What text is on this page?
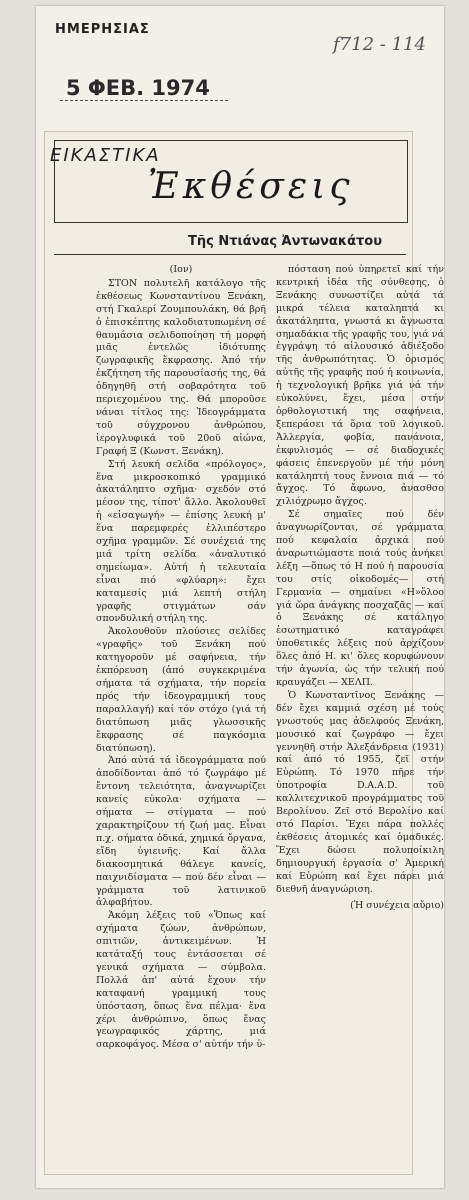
ΗΜΕΡΗΣΙΑΣ
5 ΦΕΒ. 1974
f712 - 114
ΕΙΚΑΣΤΙΚΑ
Ἐκθέσεις
Τῆς Ντιάνας Ἀντωνακάτου

(Ιον)

ΣΤΟΝ πολυτελῆ κατάλογο τῆς ἐκθέσεως Κωνσταντίνου Ξενάκη, στή Γκαλερί Ζουμπουλάκη, θά βρῆ ὁ ἐπισκέπτης καλοδιατυπωμένη σέ θαυμάσια σελιδοποίηση τή μορφή μιᾶς ἐντελῶς ἰδιότυπης ζωγραφικῆς ἔκφρασης. Ἀπό τήν ἐκζήτηση τῆς παρουσίασής της, θά ὁδηγηθῆ στή σοβαρότητα τοῦ περιεχομένου της. Θά μποροῦσε νάναι τίτλος της: Ἰδεογράμματα τοῦ σύγχρονου ἀνθρώπου, ἱερογλυφικά τοῦ 20οῦ αἰώνα, Γραφή Ξ (Κωνστ. Ξενάκη).

Στή λευκή σελίδα «πρόλογος», ἕνα μικροσκοπικό γραμμικό ἀκατάληπτο σχῆμα· σχεδόν στό μέσον της, τίποτ' ἄλλο. Ἀκολουθεῖ ἡ «εἰσαγωγή» — ἐπίσης λευκή μ' ἕνα παρεμφερές ἐλλιπέστερο σχῆμα γραμμῶν. Σέ συνέχειά της μιά τρίτη σελίδα «ἀναλυτικό σημείωμα». Αὐτή ἡ τελευταία εἶναι πιό «φλύαρη»: ἔχει καταμεσίς μιά λεπτή στήλη γραφῆς στιγμάτων σάν σπονδυλική στήλη της.

Ἀκολουθοῦν πλούσιες σελίδες «γραφῆς» τοῦ Ξενάκη πού κατηγοροῦν μέ σαφήνεια, τήν ἐκπόρευση (ἀπό συγκεκριμένα σήματα τά σχήματα, τήν πορεία πρός τήν ἰδεογραμμική τους παραλλαγή) καί τόν στόχο (γιά τή διατύπωση μιᾶς γλωσσικῆς ἔκφρασης σέ παγκόσμια διατύπωση).

Ἀπό αὐτά τά ἰδεογράμματα πού ἀποδίδονται ἀπό τό ζωγράφο μέ ἔντονη τελειότητα, ἀναγνωρίζει κανείς εὐκολα· σχήματα — σήματα — στίγματα — πού χαρακτηρίζουν τή ζωή μας. Εἶναι π.χ. σήματα ὁδικά, χημικά ὄργανα, εἴδη ὑγιεινῆς. Καί ἄλλα διακοσμητικά θάλεγε κανείς, παιχνιδίσματα — πού δέν εἶναι — γράμματα τοῦ λατινικοῦ ἀλφαβήτου.

Ἀκόμη λέξεις τοῦ «Ὅπως καί σχήματα ζώων, ἀνθρώπων, σπιτιῶν, ἀντικειμένων. Ἡ κατάταξή τους ἐντάσσεται σέ γενικά σχήματα — σύμβολα. Πολλά ἀπ' αὐτά ἔχουν τήν καταφανή γραμμική τους ὑπόσταση, ὅπως ἕνα πέλμα· ἕνα χέρι ἀνθρώπινο, ὅπως ἕνας γεωγραφικός χάρτης, μιά σαρκοφάγος. Μέσα σ' αὐτήν τήν ὑ-

πόσταση πού ὑπηρετεῖ καί τήν κεντρική ἰδέα τῆς σύνθεσης, ὁ Ξενάκης συνωστίζει αὐτά τά μικρά τέλεια καταληπτά κι ἀκατάληπτα, γνωστά κι ἄγνωστα σημαδάκια τῆς γραφῆς του, γιά νά ἐγγράψη τό αἰλουσικό ἀδιέξοδο τῆς ἀνθρωπότητας. Ὁ ὁρισμός αὐτῆς τῆς γραφῆς πού ἡ κοινωνία, ἡ τεχνολογική βρῆκε γιά νά τήν εὐκολύνει, ἔχει, μέσα στήν ὀρθολογιστική της σαφήνεια, ξεπεράσει τά ὅρια τοῦ λογικοῦ. Ἀλλεργία, φοβία, πανάνοια, ἐκφυλισμός — σέ διαδοχικές φάσεις ἐπενεργοῦν μέ τήν μόνη κατάληπτή τους ἔννοια πιά — τό ἄγχος. Τό ἄφωνο, ἀνασθσο χιλιόχρωμο ἄγχος.

Σέ σημαῖες πού δέν ἀναγνωρίζονται, σέ γράμματα πού κεφαλαία ἀρχικά πού ἀναρωτιώμαστε ποιά τούς ἀνήκει λέξη —ὅπως τό Η πού ἡ παρουσία του στίς οἰκοδομές— στή Γερμανία — σημαίνει «Η»ὅλοο γιά ὥρα ἀνάγκης ποσχαζᾶς — καί ὁ Ξενάκης σέ κατάληγο ἐσωτηματικό καταγράφει ὑποθετικές λέξεις πού ἀρχίζουν ὅλες ἀπό Η. κι' ὅλες κορυφώνουν τήν ἀγωνία, ὡς τήν τελική πού κραυγάζει — ΧΕΛΠ.

Ὁ Κωνσταντῖνος Ξενάκης — δέν ἔχει καμμιά σχέση μέ τούς γνωστούς μας ἀδελφούς Ξενάκη, μουσικό καί ζωγράφο — ἔχει γεννηθῆ στήν Ἀλεξάνδρεια (1931) καί ἀπό τό 1955, ζεῖ στήν Εὐρώπη. Τό 1970 πῆρε τήν ὑποτροφία D.A.A.D. τοῦ καλλιτεχνικοῦ προγράμματος τοῦ Βερολίνου. Ζεῖ στό Βερολίνο καί στό Παρίσι. Ἔχει πάρα πολλές ἐκθέσεις ἀτομικές καί ὁμαδικές. Ἔχει δώσει πολυποίκιλη δημιουργική ἐργασία σ' Ἀμερική καί Εὐρώπη καί ἔχει πάρει μιά διεθνῆ ἀναγνώριση.

(Ἡ συνέχεια αὔριο)
